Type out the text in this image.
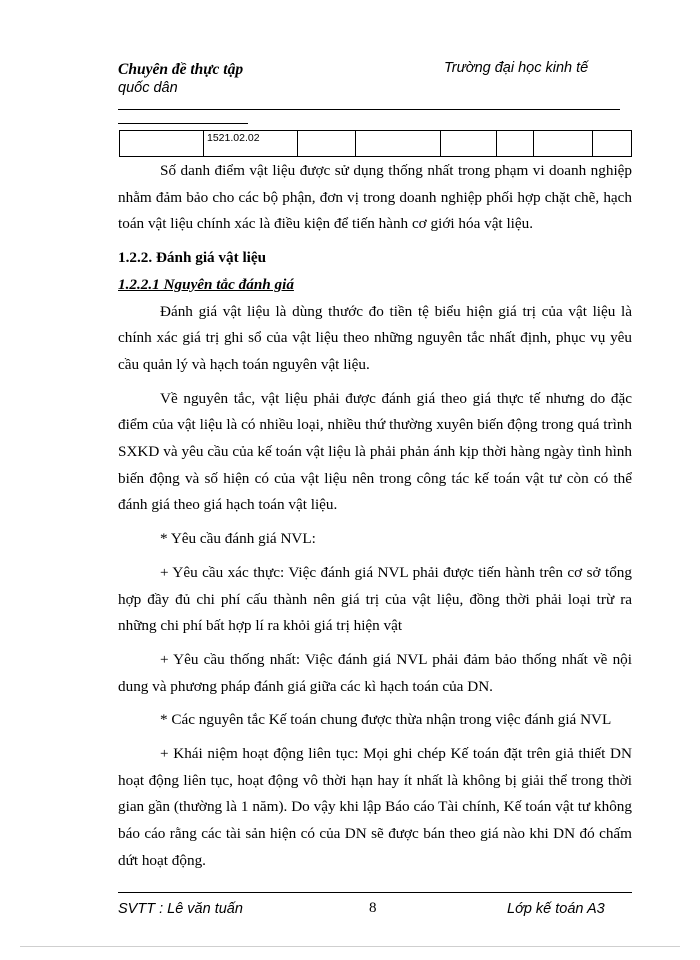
Chuyên đề thực tập
quốc dân
Trường đại học kinh tế
	1521.02.02						

Số danh điểm vật liệu được sử dụng thống nhất trong phạm vi doanh nghiệp nhằm đảm bảo cho các bộ phận, đơn vị trong doanh nghiệp phối hợp chặt chẽ, hạch toán vật liệu chính xác là điều kiện để tiến hành cơ giới hóa vật liệu.

1.2.2. Đánh giá vật liệu

1.2.2.1 Nguyên tắc đánh giá

Đánh giá vật liệu là dùng thước đo tiền tệ biểu hiện giá trị của vật liệu là chính xác giá trị ghi sổ của vật liệu theo những nguyên tắc nhất định, phục vụ yêu cầu quản lý và hạch toán nguyên vật liệu.

Về nguyên tắc, vật liệu phải được đánh giá theo giá thực tế nhưng do đặc điểm của vật liệu là có nhiều loại, nhiều thứ thường xuyên biến động trong quá trình SXKD và yêu cầu của kế toán vật liệu là phải phản ánh kịp thời hàng ngày tình hình biến động và số hiện có của vật liệu nên trong công tác kế toán vật tư còn có thể đánh giá theo giá hạch toán vật liệu.

* Yêu cầu đánh giá NVL:

+ Yêu cầu xác thực: Việc đánh giá NVL phải được tiến hành trên cơ sở tổng hợp đầy đủ chi phí cấu thành nên giá trị của vật liệu, đồng thời phải loại trừ ra những chi phí bất hợp lí ra khỏi giá trị hiện vật

+ Yêu cầu thống nhất: Việc đánh giá NVL phải đảm bảo thống nhất về nội dung và phương pháp đánh giá giữa các kì hạch toán của DN.

* Các nguyên tắc Kế toán chung được thừa nhận trong việc đánh giá NVL

+ Khái niệm hoạt động liên tục: Mọi ghi chép Kế toán đặt trên giả thiết DN hoạt động liên tục, hoạt động vô thời hạn hay ít nhất là không bị giải thể trong thời gian gần (thường là 1 năm). Do vậy khi lập Báo cáo Tài chính, Kế toán vật tư không báo cáo rằng các tài sản hiện có của DN sẽ được bán theo giá nào khi DN đó chấm dứt hoạt động.

SVTT : Lê văn tuấn	8	Lớp kế toán A3
